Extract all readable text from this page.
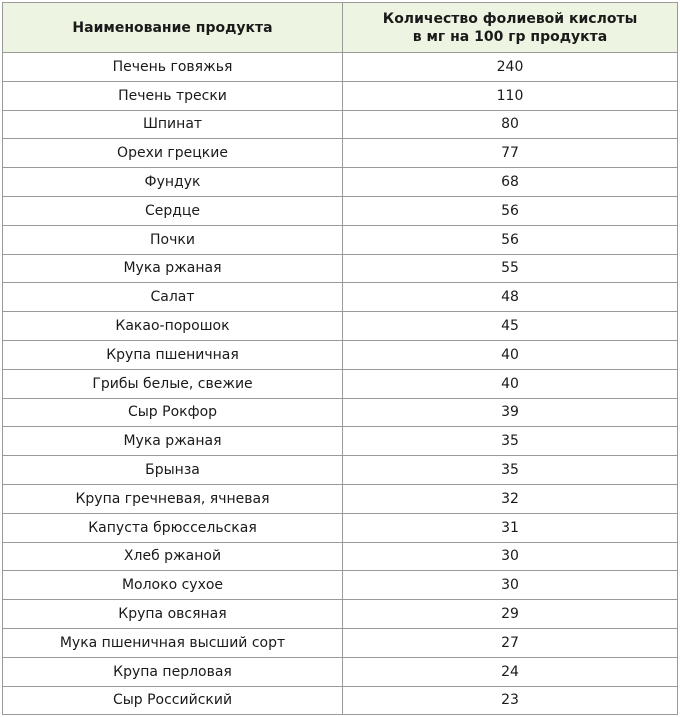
Наименование продукта	Количество фолиевой кислоты
в мг на 100 гр продукта

Печень говяжья	240
Печень трески	110
Шпинат	80
Орехи грецкие	77
Фундук	68
Сердце	56
Почки	56
Мука ржаная	55
Салат	48
Какао-порошок	45
Крупа пшеничная	40
Грибы белые, свежие	40
Сыр Рокфор	39
Мука ржаная	35
Брынза	35
Крупа гречневая, ячневая	32
Капуста брюссельская	31
Хлеб ржаной	30
Молоко сухое	30
Крупа овсяная	29
Мука пшеничная высший сорт	27
Крупа перловая	24
Сыр Российский	23
